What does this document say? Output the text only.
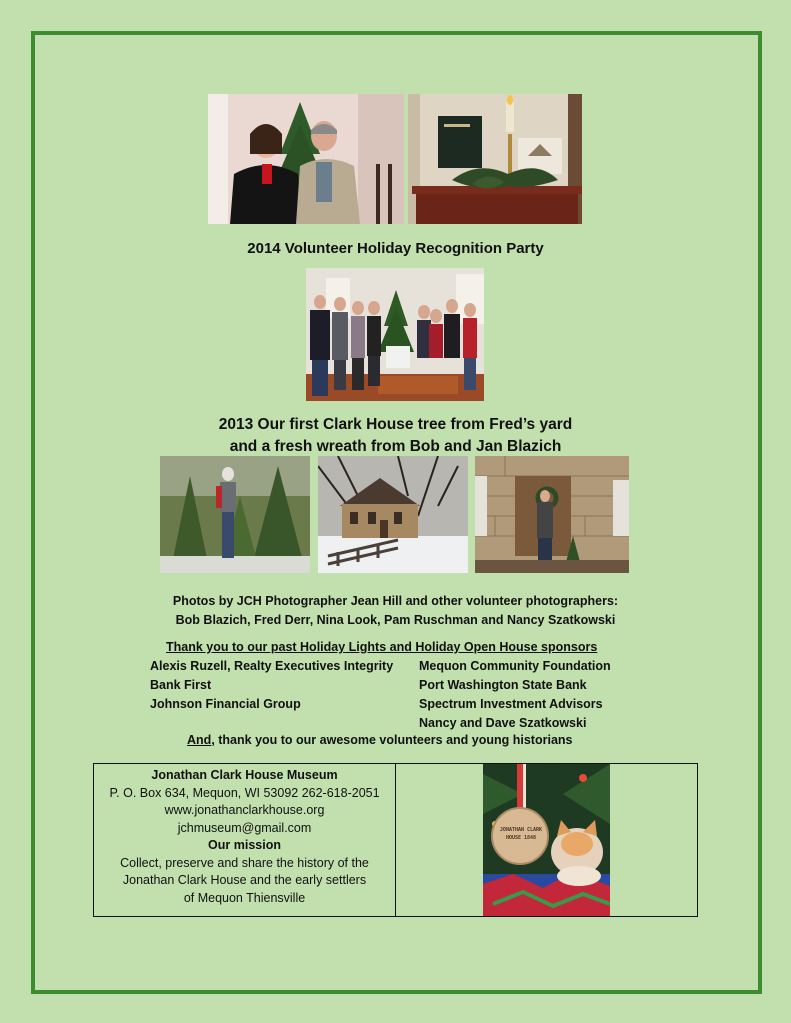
2014 Volunteer Holiday Recognition Party
2013 Our first Clark House tree from Fred’s yard
and a fresh wreath from Bob and Jan Blazich
Photos by JCH Photographer Jean Hill and other volunteer photographers:
Bob Blazich, Fred Derr, Nina Look, Pam Ruschman and Nancy Szatkowski
Thank you to our past Holiday Lights and Holiday Open House sponsors
Alexis Ruzell, Realty Executives Integrity
Bank First
Johnson Financial Group
Mequon Community Foundation
Port Washington State Bank
Spectrum Investment Advisors
Nancy and Dave Szatkowski
And, thank you to our awesome volunteers and young historians
Jonathan Clark House Museum
P. O. Box 634, Mequon, WI 53092 262-618-2051
www.jonathanclarkhouse.org
jchmuseum@gmail.com
Our mission
Collect, preserve and share the history of the
Jonathan Clark House and the early settlers
of Mequon Thiensville
JONATHAN CLARK HOUSE 1848
